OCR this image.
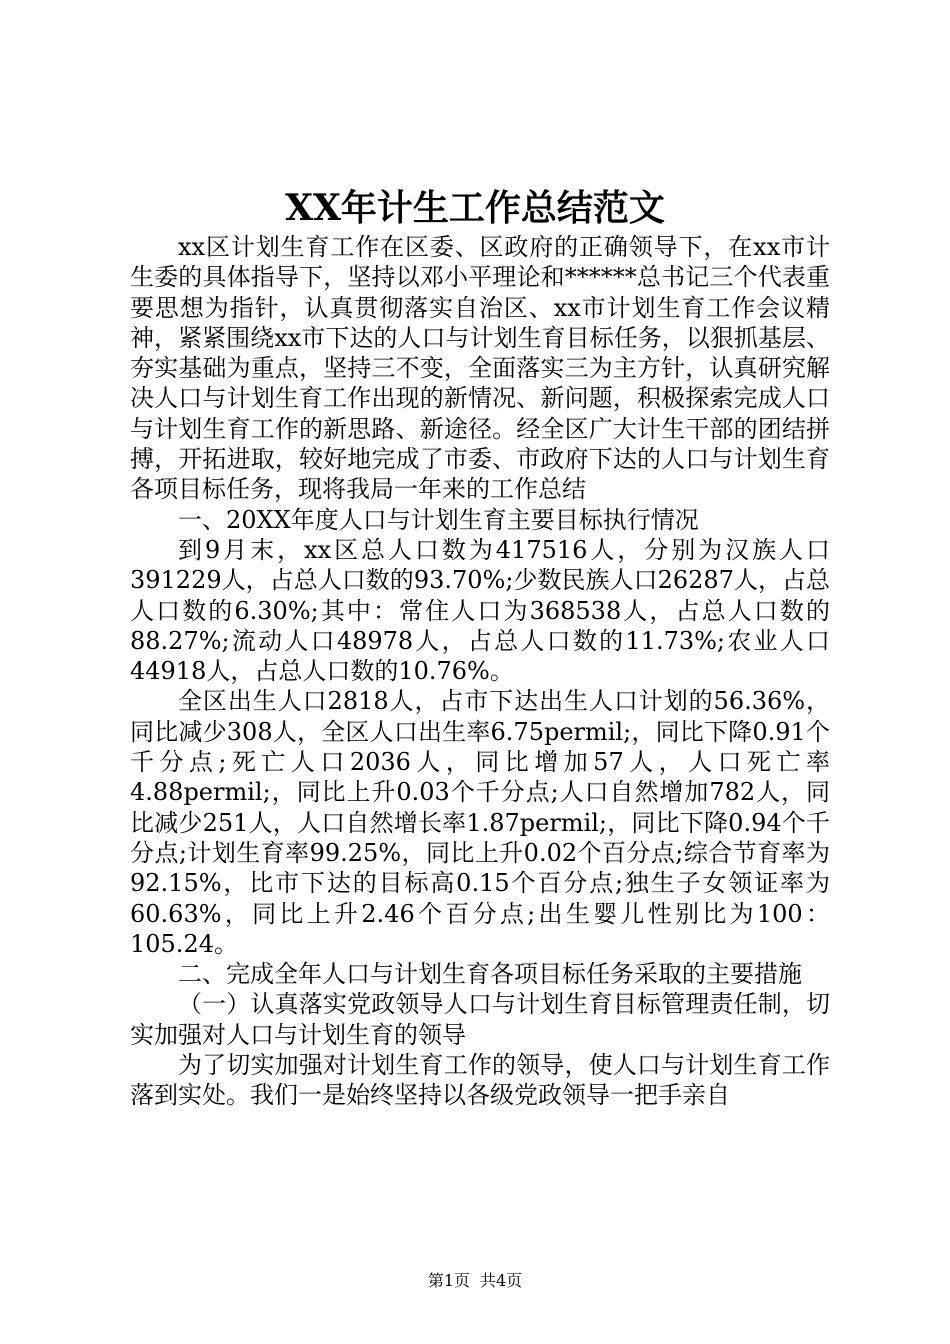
XX年计生工作总结范文

xx区计划生育工作在区委、区政府的正确领导下，在xx市计生委的具体指导下，坚持以邓小平理论和******总书记三个代表重要思想为指针，认真贯彻落实自治区、xx市计划生育工作会议精神，紧紧围绕xx市下达的人口与计划生育目标任务，以狠抓基层、夯实基础为重点，坚持三不变，全面落实三为主方针，认真研究解决人口与计划生育工作出现的新情况、新问题，积极探索完成人口与计划生育工作的新思路、新途径。经全区广大计生干部的团结拼搏，开拓进取，较好地完成了市委、市政府下达的人口与计划生育各项目标任务，现将我局一年来的工作总结

一、20XX年度人口与计划生育主要目标执行情况

到9月末，xx区总人口数为417516人，分别为汉族人口391229人，占总人口数的93.70%;少数民族人口26287人，占总人口数的6.30%;其中：常住人口为368538人，占总人口数的88.27%;流动人口48978人，占总人口数的11.73%;农业人口44918人，占总人口数的10.76%。

全区出生人口2818人，占市下达出生人口计划的56.36%，同比减少308人，全区人口出生率6.75permil;，同比下降0.91个千分点;死亡人口2036人，同比增加57人，人口死亡率4.88permil;，同比上升0.03个千分点;人口自然增加782人，同比减少251人，人口自然增长率1.87permil;，同比下降0.94个千分点;计划生育率99.25%，同比上升0.02个百分点;综合节育率为92.15%，比市下达的目标高0.15个百分点;独生子女领证率为60.63%，同比上升2.46个百分点;出生婴儿性别比为100：105.24。

二、完成全年人口与计划生育各项目标任务采取的主要措施

（一）认真落实党政领导人口与计划生育目标管理责任制，切实加强对人口与计划生育的领导

为了切实加强对计划生育工作的领导，使人口与计划生育工作落到实处。我们一是始终坚持以各级党政领导一把手亲自

第1页 共4页
